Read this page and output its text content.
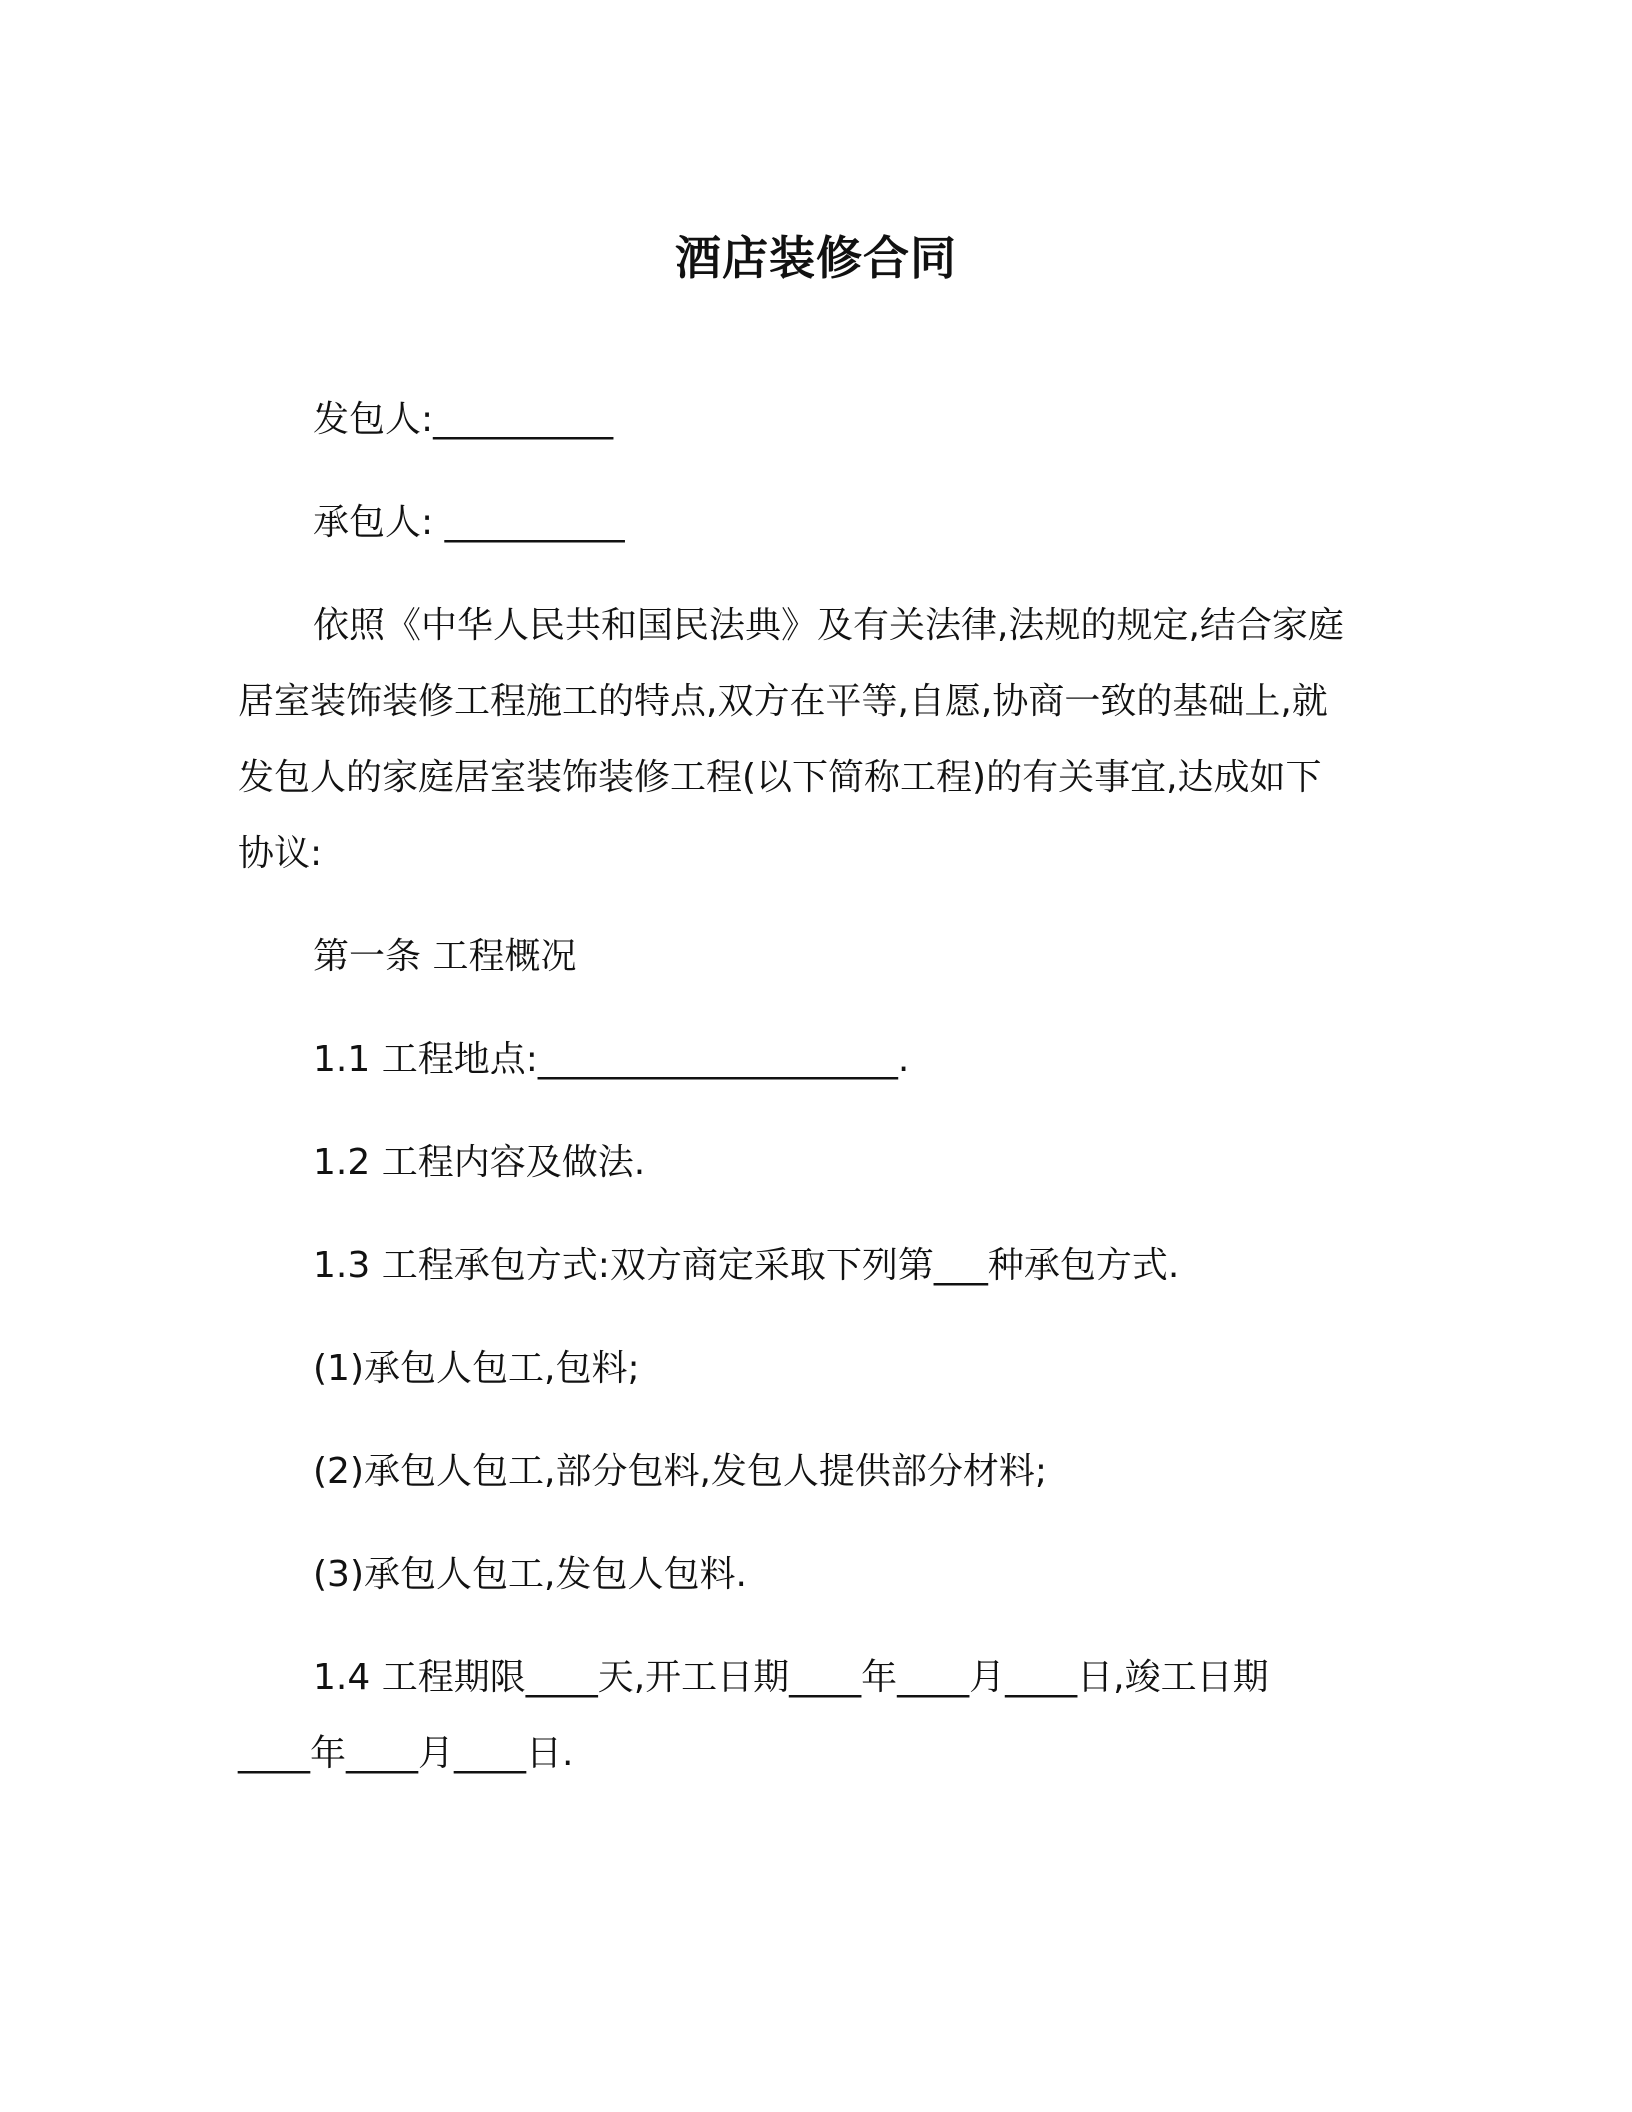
酒店装修合同
发包人:__________
承包人: __________
依照《中华人民共和国民法典》及有关法律,法规的规定,结合家庭
居室装饰装修工程施工的特点,双方在平等,自愿,协商一致的基础上,就
发包人的家庭居室装饰装修工程(以下简称工程)的有关事宜,达成如下
协议:
第一条 工程概况
1.1 工程地点:____________________.
1.2 工程内容及做法.
1.3 工程承包方式:双方商定采取下列第___种承包方式.
(1)承包人包工,包料;
(2)承包人包工,部分包料,发包人提供部分材料;
(3)承包人包工,发包人包料.
1.4 工程期限____天,开工日期____年____月____日,竣工日期
____年____月____日.
